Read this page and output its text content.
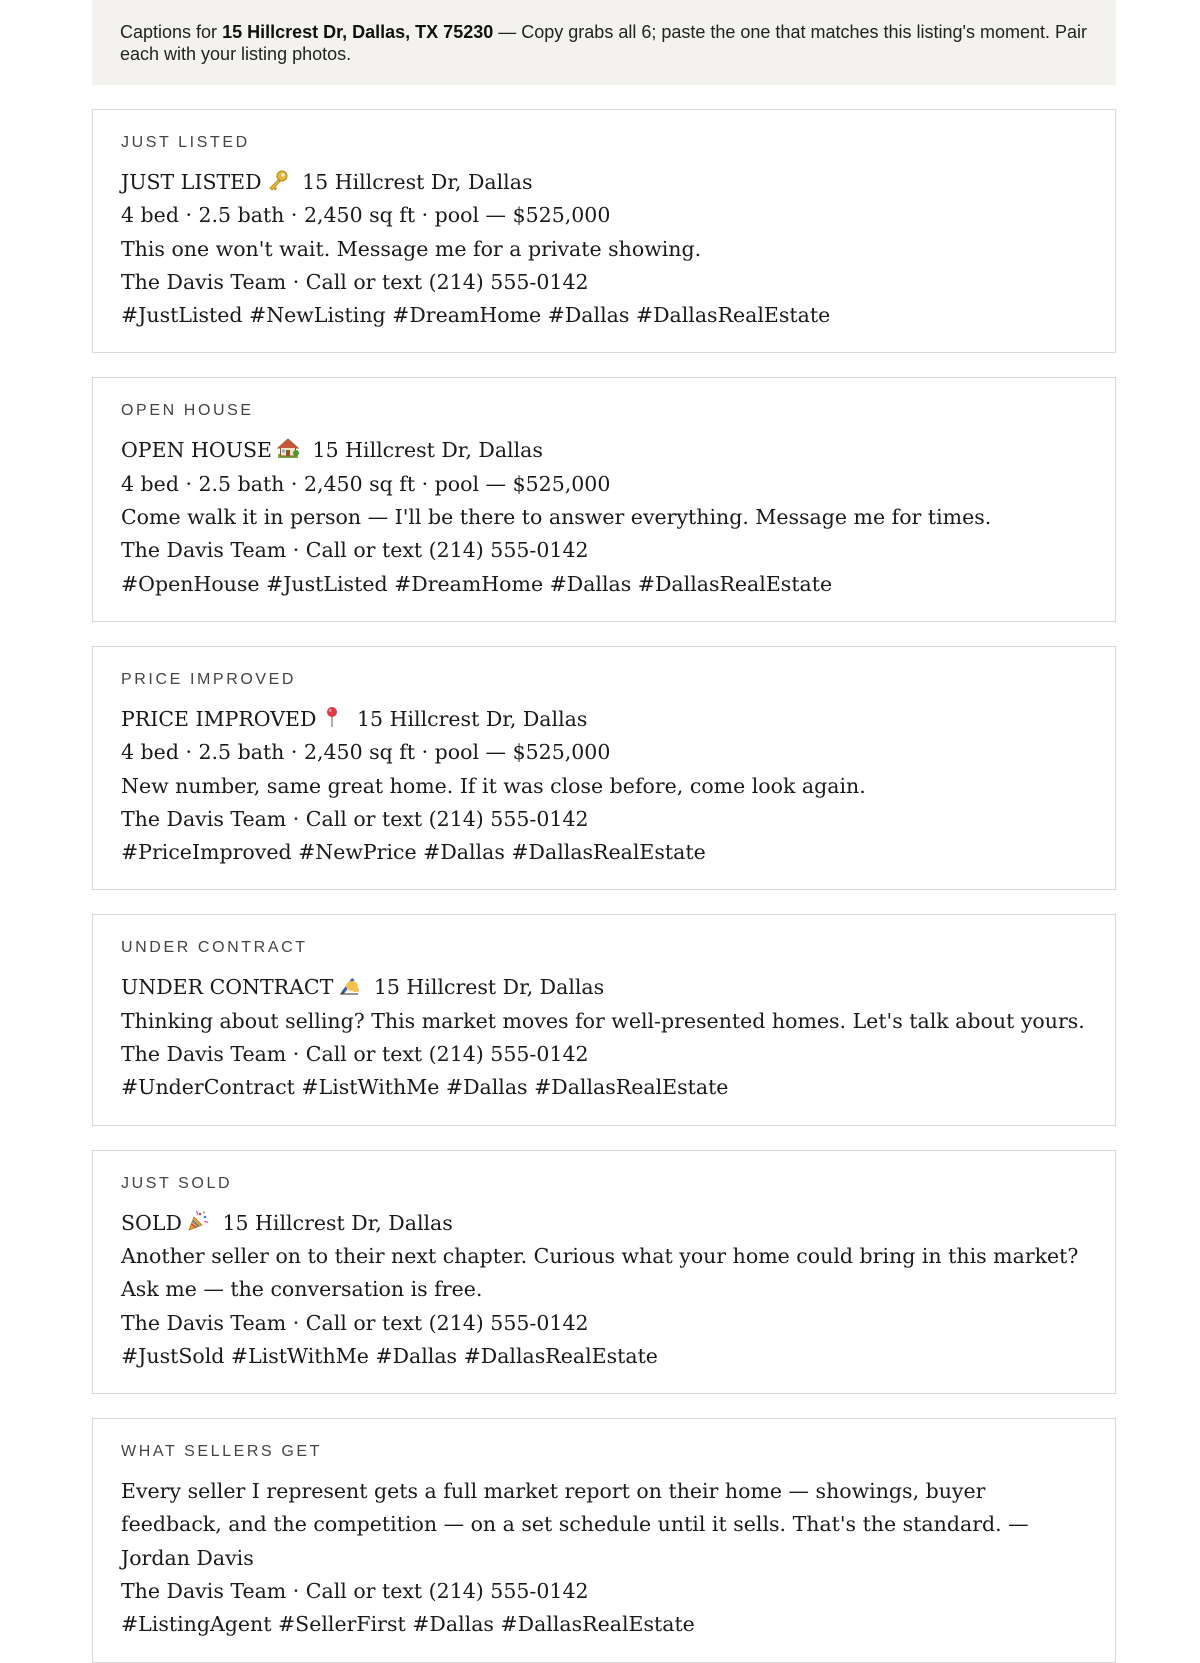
Captions for 15 Hillcrest Dr, Dallas, TX 75230 — Copy grabs all 6; paste the one that matches this listing's moment. Pair each with your listing photos.
JUST LISTED
JUST LISTED 15 Hillcrest Dr, Dallas
4 bed · 2.5 bath · 2,450 sq ft · pool — $525,000
This one won't wait. Message me for a private showing.
The Davis Team · Call or text (214) 555-0142
#JustListed #NewListing #DreamHome #Dallas #DallasRealEstate
OPEN HOUSE
OPEN HOUSE 15 Hillcrest Dr, Dallas
4 bed · 2.5 bath · 2,450 sq ft · pool — $525,000
Come walk it in person — I'll be there to answer everything. Message me for times.
The Davis Team · Call or text (214) 555-0142
#OpenHouse #JustListed #DreamHome #Dallas #DallasRealEstate
PRICE IMPROVED
PRICE IMPROVED 15 Hillcrest Dr, Dallas
4 bed · 2.5 bath · 2,450 sq ft · pool — $525,000
New number, same great home. If it was close before, come look again.
The Davis Team · Call or text (214) 555-0142
#PriceImproved #NewPrice #Dallas #DallasRealEstate
UNDER CONTRACT
UNDER CONTRACT 15 Hillcrest Dr, Dallas
Thinking about selling? This market moves for well-presented homes. Let's talk about yours.
The Davis Team · Call or text (214) 555-0142
#UnderContract #ListWithMe #Dallas #DallasRealEstate
JUST SOLD
SOLD 15 Hillcrest Dr, Dallas
Another seller on to their next chapter. Curious what your home could bring in this market? Ask me — the conversation is free.
The Davis Team · Call or text (214) 555-0142
#JustSold #ListWithMe #Dallas #DallasRealEstate
WHAT SELLERS GET
Every seller I represent gets a full market report on their home — showings, buyer feedback, and the competition — on a set schedule until it sells. That's the standard. — Jordan Davis
The Davis Team · Call or text (214) 555-0142
#ListingAgent #SellerFirst #Dallas #DallasRealEstate
